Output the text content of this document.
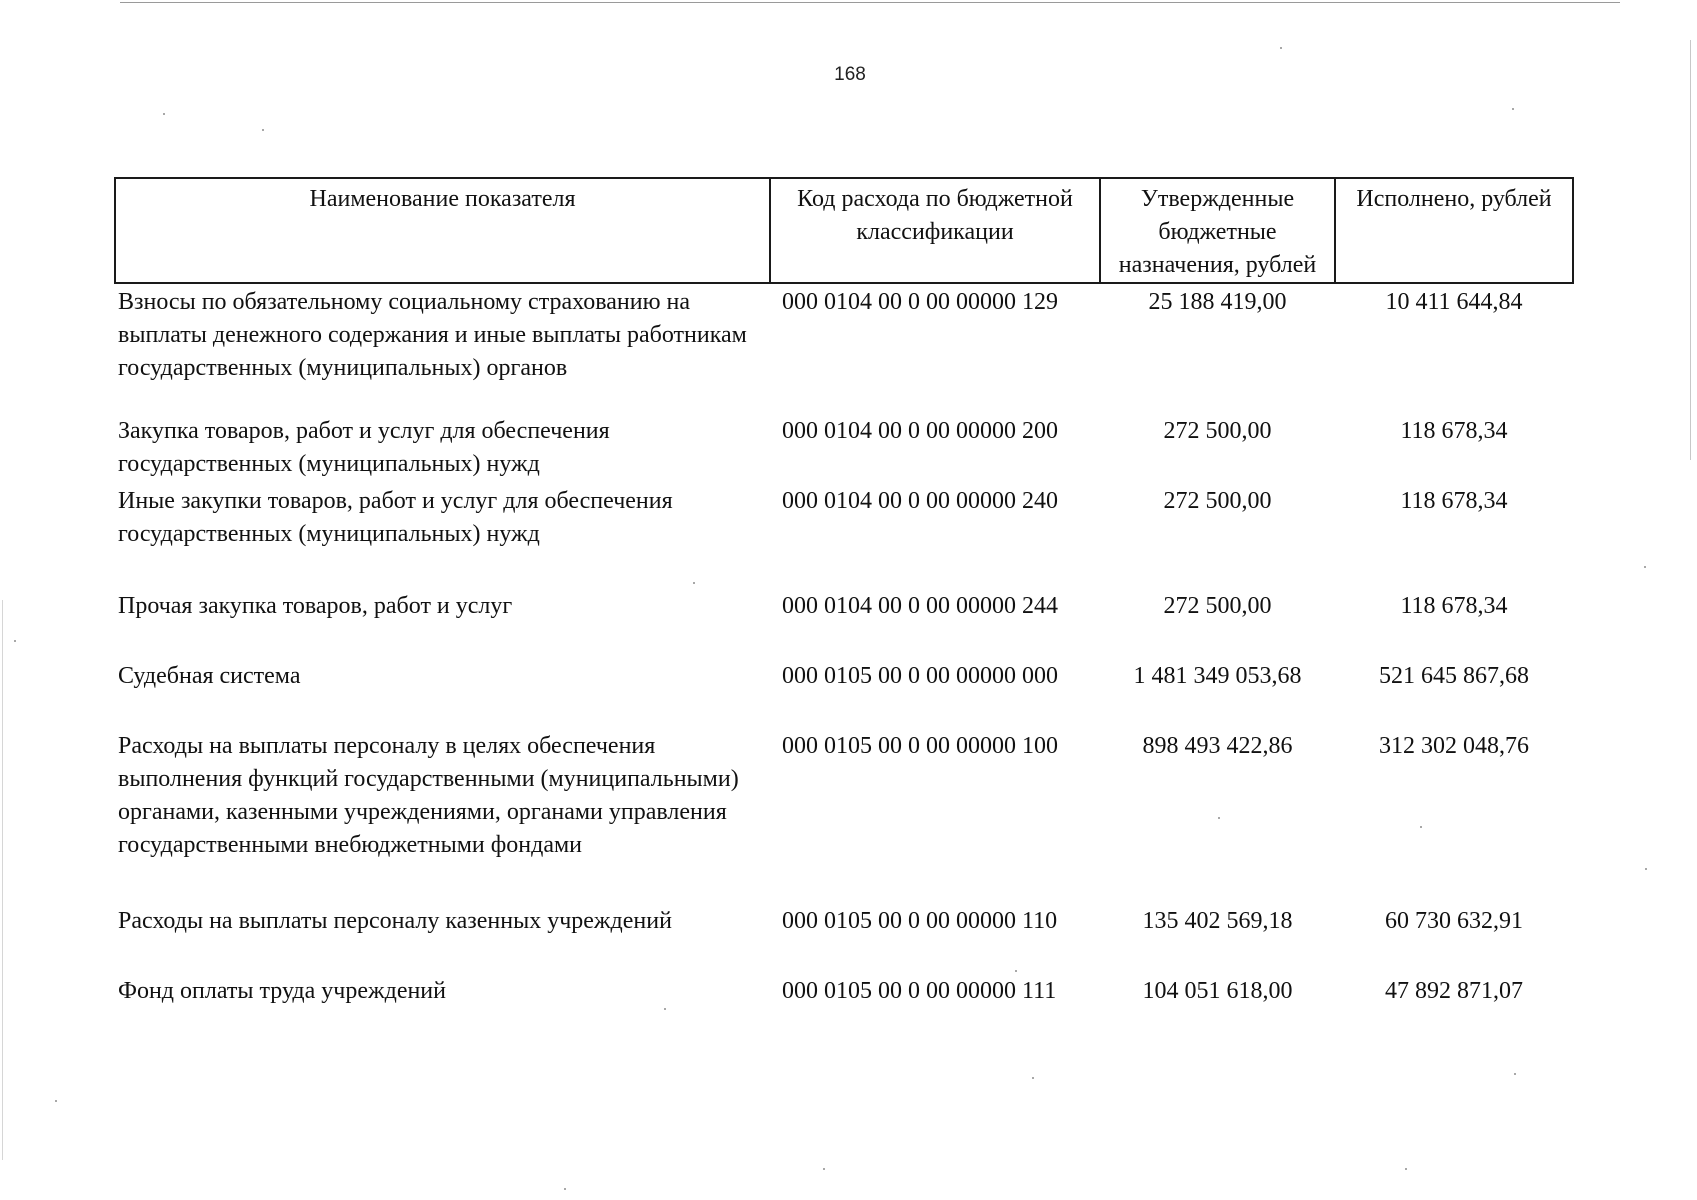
168
Наименование показателя	Код расхода по бюджетной классификации	Утвержденные бюджетные назначения, рублей	Исполнено, рублей
Взносы по обязательному социальному страхованию на выплаты денежного содержания и иные выплаты работникам государственных (муниципальных) органов	000 0104 00 0 00 00000 129	25 188 419,00	10 411 644,84
Закупка товаров, работ и услуг для обеспечения государственных (муниципальных) нужд	000 0104 00 0 00 00000 200	272 500,00	118 678,34
Иные закупки товаров, работ и услуг для обеспечения государственных (муниципальных) нужд	000 0104 00 0 00 00000 240	272 500,00	118 678,34
Прочая закупка товаров, работ и услуг	000 0104 00 0 00 00000 244	272 500,00	118 678,34
Судебная система	000 0105 00 0 00 00000 000	1 481 349 053,68	521 645 867,68
Расходы на выплаты персоналу в целях обеспечения выполнения функций государственными (муниципальными) органами, казенными учреждениями, органами управления государственными внебюджетными фондами	000 0105 00 0 00 00000 100	898 493 422,86	312 302 048,76
Расходы на выплаты персоналу казенных учреждений	000 0105 00 0 00 00000 110	135 402 569,18	60 730 632,91
Фонд оплаты труда учреждений	000 0105 00 0 00 00000 111	104 051 618,00	47 892 871,07
